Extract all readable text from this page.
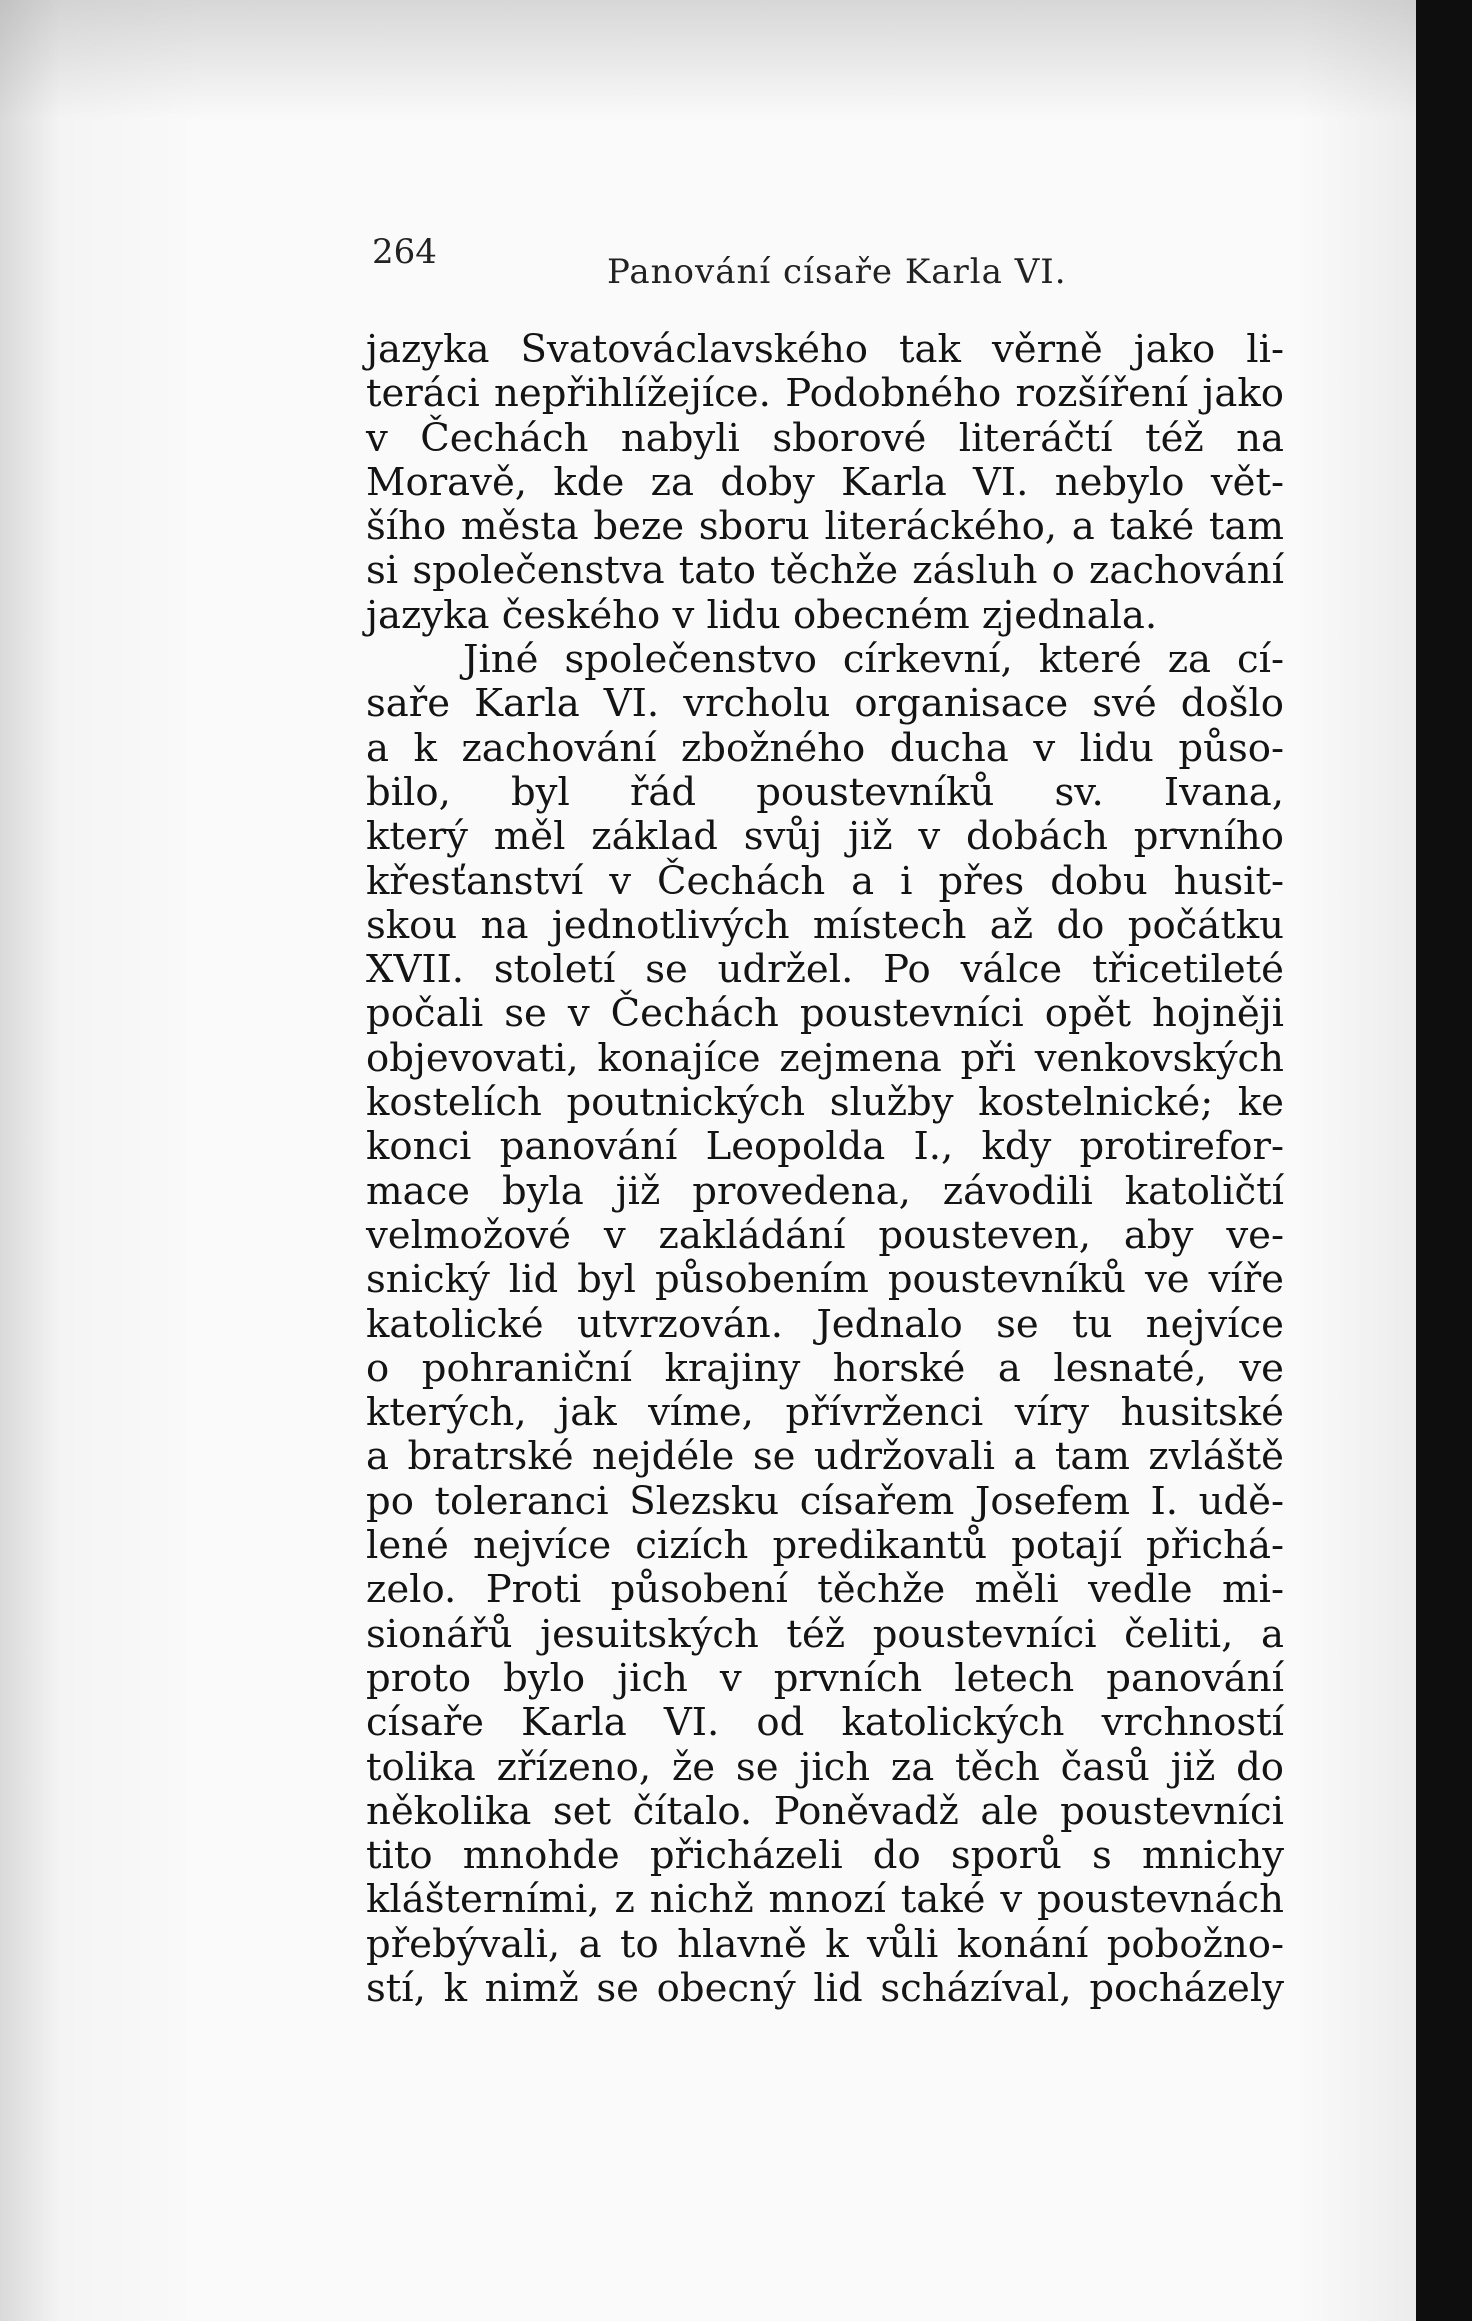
264	Panování císaře Karla VI.
jazyka Svatováclavského tak věrně jako li-
teráci nepřihlížejíce. Podobného rozšíření jako
v Čechách nabyli sborové literáčtí též na
Moravě, kde za doby Karla VI. nebylo vět-
šího města beze sboru literáckého, a také tam
si společenstva tato těchže zásluh o zachování
jazyka českého v lidu obecném zjednala.
Jiné společenstvo církevní, které za cí-
saře Karla VI. vrcholu organisace své došlo
a k zachování zbožného ducha v lidu půso-
bilo, byl řád poustevníků sv. Ivana,
který měl základ svůj již v dobách prvního
křesťanství v Čechách a i přes dobu husit-
skou na jednotlivých místech až do počátku
XVII. století se udržel. Po válce třicetileté
počali se v Čechách poustevníci opět hojněji
objevovati, konajíce zejmena při venkovských
kostelích poutnických služby kostelnické; ke
konci panování Leopolda I., kdy protirefor-
mace byla již provedena, závodili katoličtí
velmožové v zakládání pousteven, aby ve-
snický lid byl působením poustevníků ve víře
katolické utvrzován. Jednalo se tu nejvíce
o pohraniční krajiny horské a lesnaté, ve
kterých, jak víme, přívrženci víry husitské
a bratrské nejdéle se udržovali a tam zvláště
po toleranci Slezsku císařem Josefem I. udě-
lené nejvíce cizích predikantů potají přichá-
zelo. Proti působení těchže měli vedle mi-
sionářů jesuitských též poustevníci čeliti, a
proto bylo jich v prvních letech panování
císaře Karla VI. od katolických vrchností
tolika zřízeno, že se jich za těch časů již do
několika set čítalo. Poněvadž ale poustevníci
tito mnohde přicházeli do sporů s mnichy
klášterními, z nichž mnozí také v poustevnách
přebývali, a to hlavně k vůli konání pobožno-
stí, k nimž se obecný lid scházíval, pocházely
